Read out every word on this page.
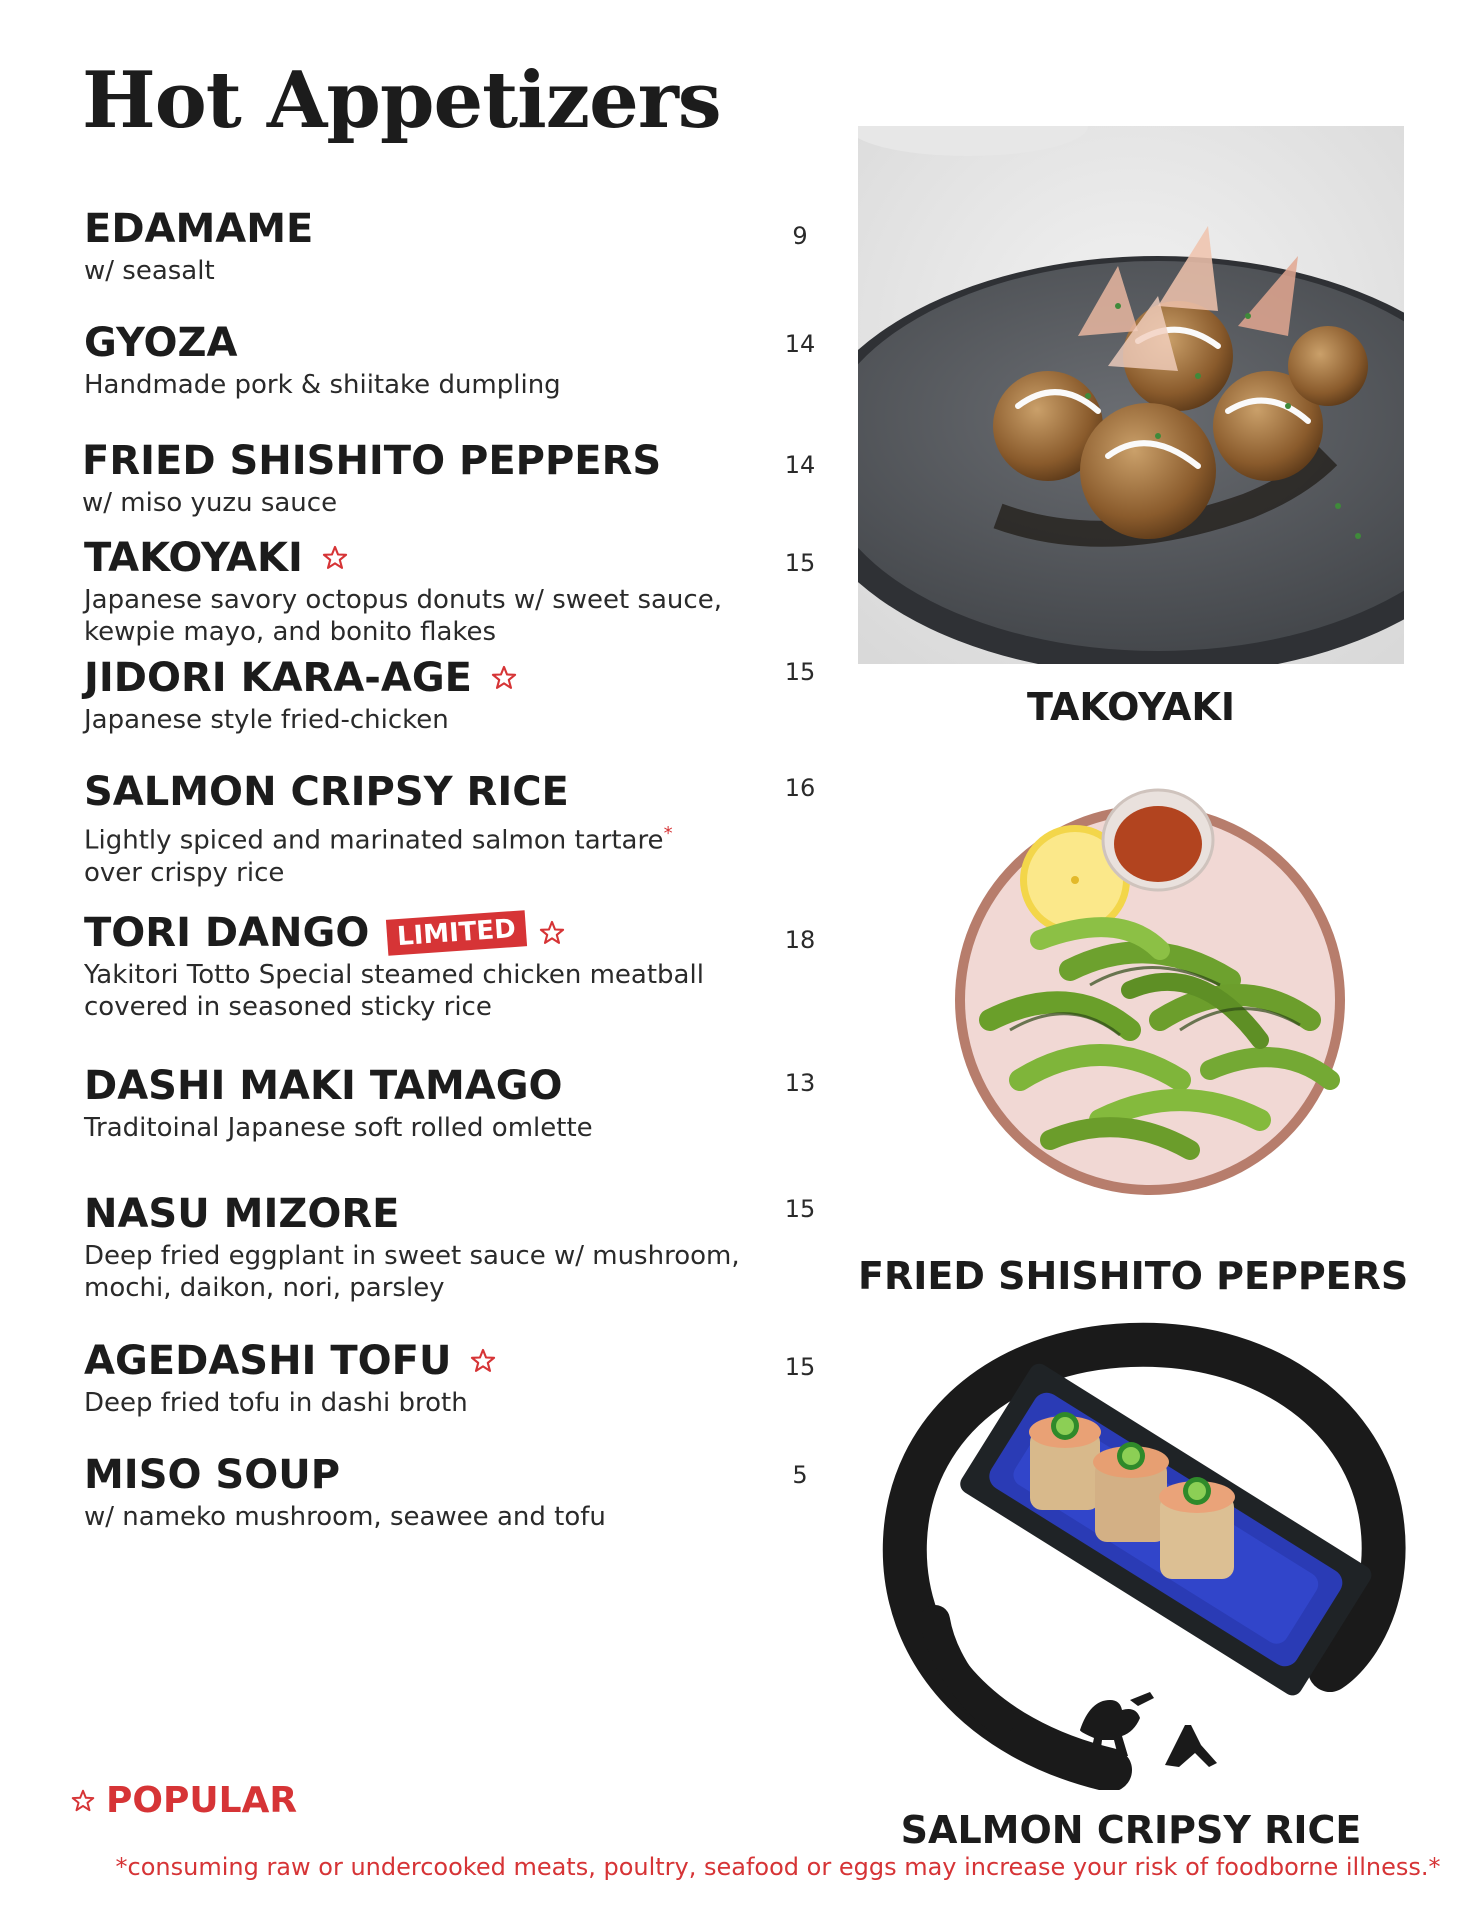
Hot Appetizers
EDAMAME
w/ seasalt
9
GYOZA
Handmade pork & shiitake dumpling
14
FRIED SHISHITO PEPPERS
w/ miso yuzu sauce
14
TAKOYAKI
Japanese savory octopus donuts w/ sweet sauce, kewpie mayo, and bonito flakes
15
JIDORI KARA-AGE
Japanese style fried-chicken
15
SALMON CRIPSY RICE
Lightly spiced and marinated salmon tartare*
over crispy rice
16
TORI DANGO	LIMITED
Yakitori Totto Special steamed chicken meatball covered in seasoned sticky rice
18
DASHI MAKI TAMAGO
Traditoinal Japanese soft rolled omlette
13
NASU MIZORE
Deep fried eggplant in sweet sauce w/ mushroom, mochi, daikon, nori, parsley
15
AGEDASHI TOFU
Deep fried tofu in dashi broth
15
MISO SOUP
w/ nameko mushroom, seawee and tofu
5
TAKOYAKI
FRIED SHISHITO PEPPERS
SALMON CRIPSY RICE
POPULAR
*consuming raw or undercooked meats, poultry, seafood or eggs may increase your risk of foodborne illness.*
